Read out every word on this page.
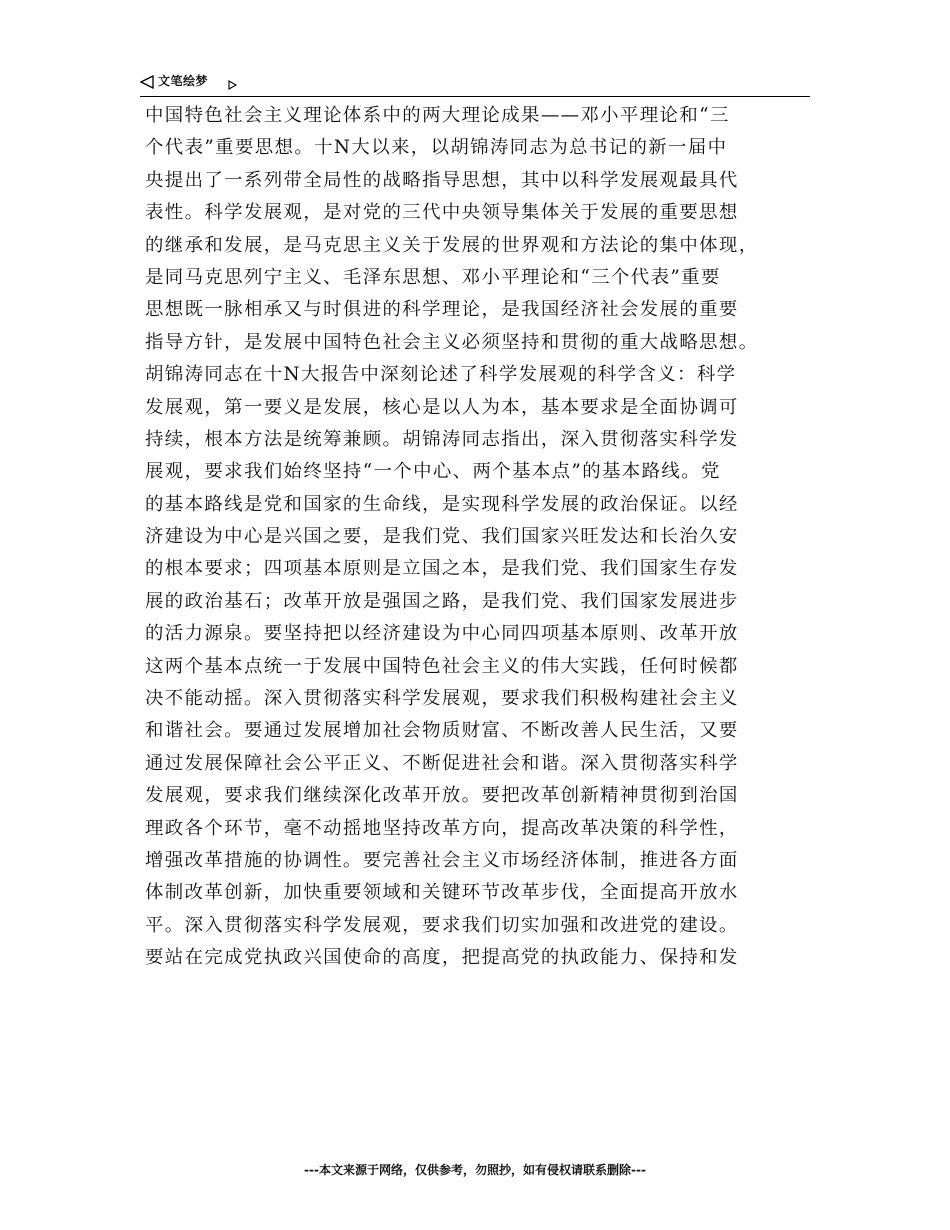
文笔绘梦
中国特色社会主义理论体系中的两大理论成果——邓小平理论和“三
个代表”重要思想。十N大以来，以胡锦涛同志为总书记的新一届中
央提出了一系列带全局性的战略指导思想，其中以科学发展观最具代
表性。科学发展观，是对党的三代中央领导集体关于发展的重要思想
的继承和发展，是马克思主义关于发展的世界观和方法论的集中体现，
是同马克思列宁主义、毛泽东思想、邓小平理论和“三个代表”重要
思想既一脉相承又与时俱进的科学理论，是我国经济社会发展的重要
指导方针，是发展中国特色社会主义必须坚持和贯彻的重大战略思想。
胡锦涛同志在十N大报告中深刻论述了科学发展观的科学含义：科学
发展观，第一要义是发展，核心是以人为本，基本要求是全面协调可
持续，根本方法是统筹兼顾。胡锦涛同志指出，深入贯彻落实科学发
展观，要求我们始终坚持“一个中心、两个基本点”的基本路线。党
的基本路线是党和国家的生命线，是实现科学发展的政治保证。以经
济建设为中心是兴国之要，是我们党、我们国家兴旺发达和长治久安
的根本要求；四项基本原则是立国之本，是我们党、我们国家生存发
展的政治基石；改革开放是强国之路，是我们党、我们国家发展进步
的活力源泉。要坚持把以经济建设为中心同四项基本原则、改革开放
这两个基本点统一于发展中国特色社会主义的伟大实践，任何时候都
决不能动摇。深入贯彻落实科学发展观，要求我们积极构建社会主义
和谐社会。要通过发展增加社会物质财富、不断改善人民生活，又要
通过发展保障社会公平正义、不断促进社会和谐。深入贯彻落实科学
发展观，要求我们继续深化改革开放。要把改革创新精神贯彻到治国
理政各个环节，毫不动摇地坚持改革方向，提高改革决策的科学性，
增强改革措施的协调性。要完善社会主义市场经济体制，推进各方面
体制改革创新，加快重要领域和关键环节改革步伐，全面提高开放水
平。深入贯彻落实科学发展观，要求我们切实加强和改进党的建设。
要站在完成党执政兴国使命的高度，把提高党的执政能力、保持和发
---本文来源于网络，仅供参考，勿照抄，如有侵权请联系删除---
